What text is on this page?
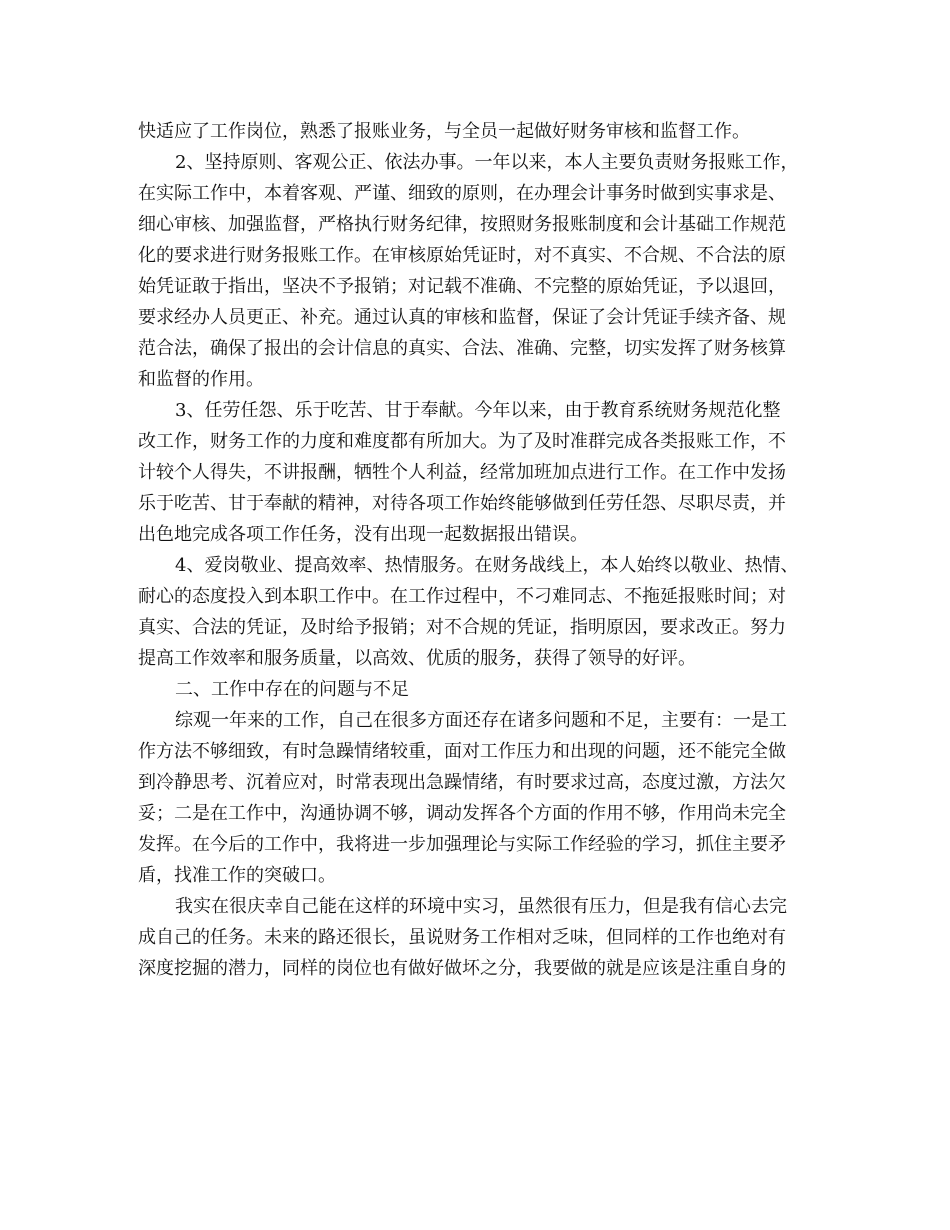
快适应了工作岗位，熟悉了报账业务，与全员一起做好财务审核和监督工作。
2、坚持原则、客观公正、依法办事。一年以来，本人主要负责财务报账工作，
在实际工作中，本着客观、严谨、细致的原则，在办理会计事务时做到实事求是、
细心审核、加强监督，严格执行财务纪律，按照财务报账制度和会计基础工作规范
化的要求进行财务报账工作。在审核原始凭证时，对不真实、不合规、不合法的原
始凭证敢于指出，坚决不予报销；对记载不准确、不完整的原始凭证，予以退回，
要求经办人员更正、补充。通过认真的审核和监督，保证了会计凭证手续齐备、规
范合法，确保了报出的会计信息的真实、合法、准确、完整，切实发挥了财务核算
和监督的作用。
3、任劳任怨、乐于吃苦、甘于奉献。今年以来，由于教育系统财务规范化整
改工作，财务工作的力度和难度都有所加大。为了及时准群完成各类报账工作，不
计较个人得失，不讲报酬，牺牲个人利益，经常加班加点进行工作。在工作中发扬
乐于吃苦、甘于奉献的精神，对待各项工作始终能够做到任劳任怨、尽职尽责，并
出色地完成各项工作任务，没有出现一起数据报出错误。
4、爱岗敬业、提高效率、热情服务。在财务战线上，本人始终以敬业、热情、
耐心的态度投入到本职工作中。在工作过程中，不刁难同志、不拖延报账时间；对
真实、合法的凭证，及时给予报销；对不合规的凭证，指明原因，要求改正。努力
提高工作效率和服务质量，以高效、优质的服务，获得了领导的好评。
二、工作中存在的问题与不足
综观一年来的工作，自己在很多方面还存在诸多问题和不足，主要有：一是工
作方法不够细致，有时急躁情绪较重，面对工作压力和出现的问题，还不能完全做
到冷静思考、沉着应对，时常表现出急躁情绪，有时要求过高，态度过激，方法欠
妥；二是在工作中，沟通协调不够，调动发挥各个方面的作用不够，作用尚未完全
发挥。在今后的工作中，我将进一步加强理论与实际工作经验的学习，抓住主要矛
盾，找准工作的突破口。
我实在很庆幸自己能在这样的环境中实习，虽然很有压力，但是我有信心去完
成自己的任务。未来的路还很长，虽说财务工作相对乏味，但同样的工作也绝对有
深度挖掘的潜力，同样的岗位也有做好做坏之分，我要做的就是应该是注重自身的
